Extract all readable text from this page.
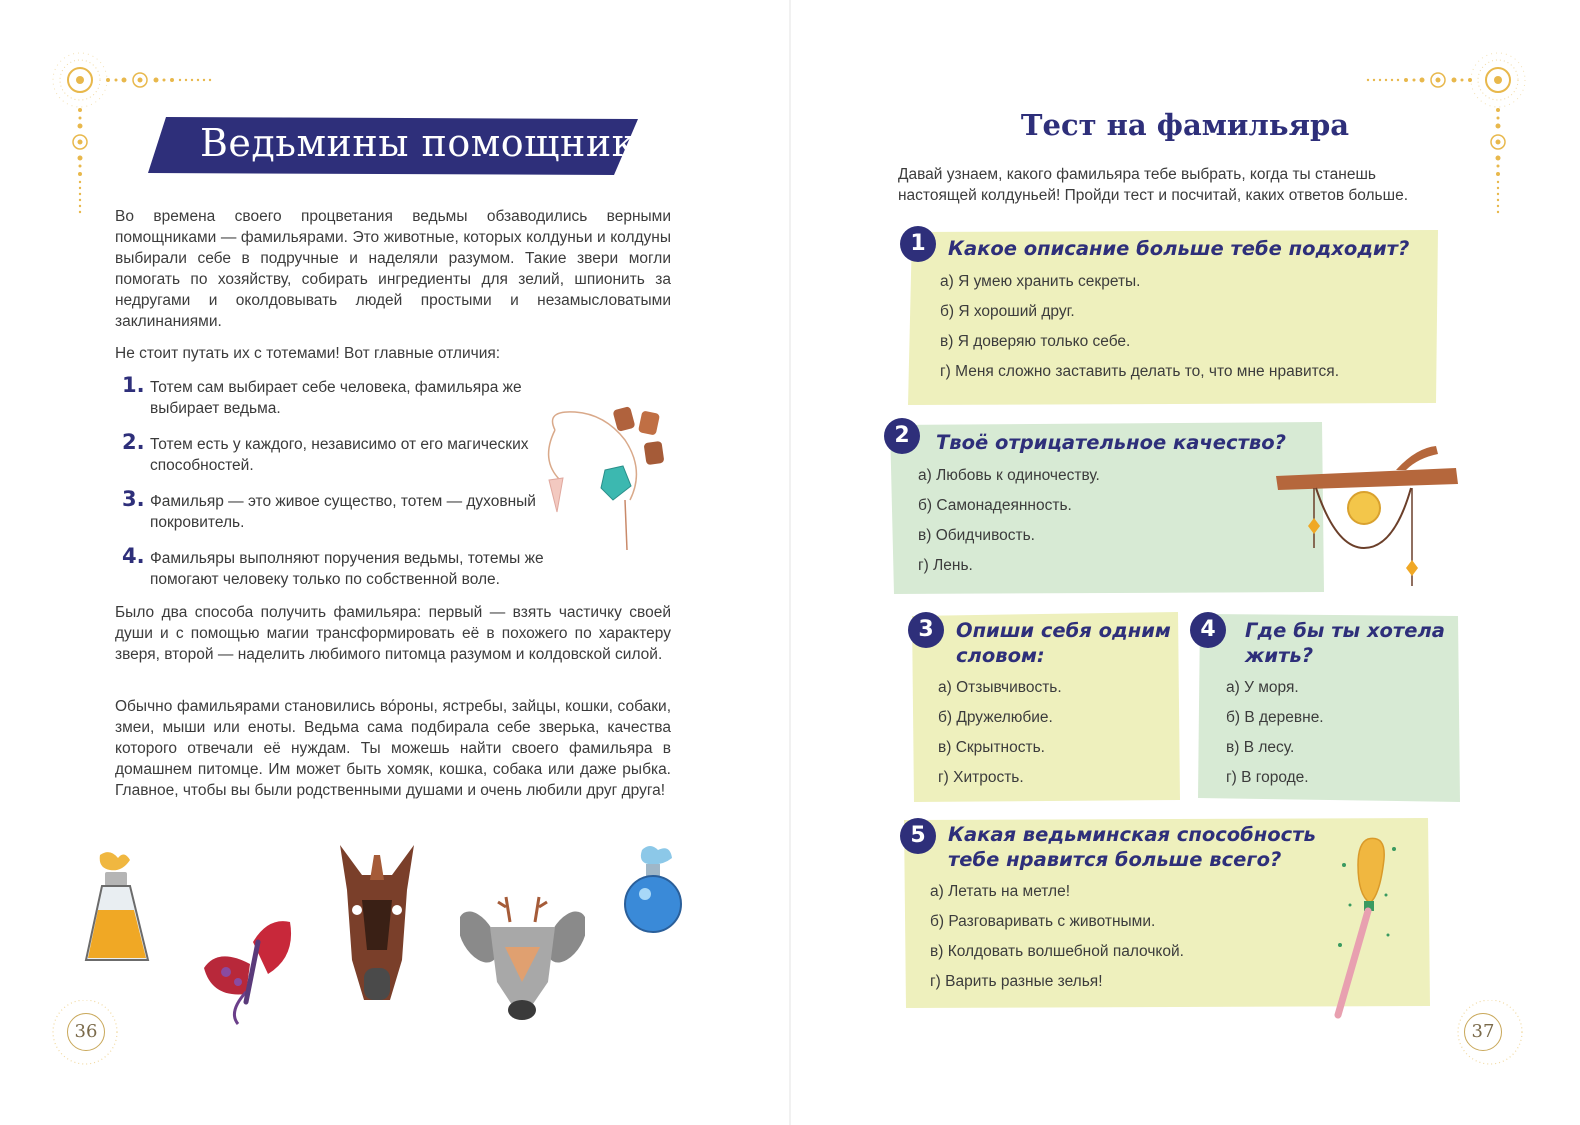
Ведьмины помощники

Во времена своего процветания ведьмы обзаводились верными помощниками — фамильярами. Это животные, которых колдуньи и колдуны выбирали себе в подручные и наделяли разумом. Такие звери могли помогать по хозяйству, собирать ингредиенты для зелий, шпионить за недругами и околдовывать людей простыми и незамысловатыми заклинаниями.

Не стоит путать их с тотемами! Вот главные отличия:

1. Тотем сам выбирает себе человека, фамильяра же выбирает ведьма.
2. Тотем есть у каждого, независимо от его магических способностей.
3. Фамильяр — это живое существо, тотем — духовный покровитель.
4. Фамильяры выполняют поручения ведьмы, тотемы же помогают человеку только по собственной воле.

Было два способа получить фамильяра: первый — взять частичку своей души и с помощью магии трансформировать её в похожего по характеру зверя, второй — наделить любимого питомца разумом и колдовской силой.

Обычно фамильярами становились во́роны, ястребы, зайцы, кошки, собаки, змеи, мыши или еноты. Ведьма сама подбирала себе зверька, качества которого отвечали её нуждам. Ты можешь найти своего фамильяра в домашнем питомце. Им может быть хомяк, кошка, собака или даже рыбка. Главное, чтобы вы были родственными душами и очень любили друг друга!

36
Тест на фамильяра
Давай узнаем, какого фамильяра тебе выбрать, когда ты станешь настоящей колдуньей! Пройди тест и посчитай, каких ответов больше.
1	Какое описание больше тебе подходит?
а) Я умею хранить секреты.
б) Я хороший друг.
в) Я доверяю только себе.
г) Меня сложно заставить делать то, что мне нравится.
2	Твоё отрицательное качество?
а) Любовь к одиночеству.
б) Самонадеянность.
в) Обидчивость.
г) Лень.
3	Опиши себя одним словом:
а) Отзывчивость.
б) Дружелюбие.
в) Скрытность.
г) Хитрость.
4	Где бы ты хотела жить?
а) У моря.
б) В деревне.
в) В лесу.
г) В городе.
5	Какая ведьминская способность тебе нравится больше всего?
а) Летать на метле!
б) Разговаривать с животными.
в) Колдовать волшебной палочкой.
г) Варить разные зелья!
37
